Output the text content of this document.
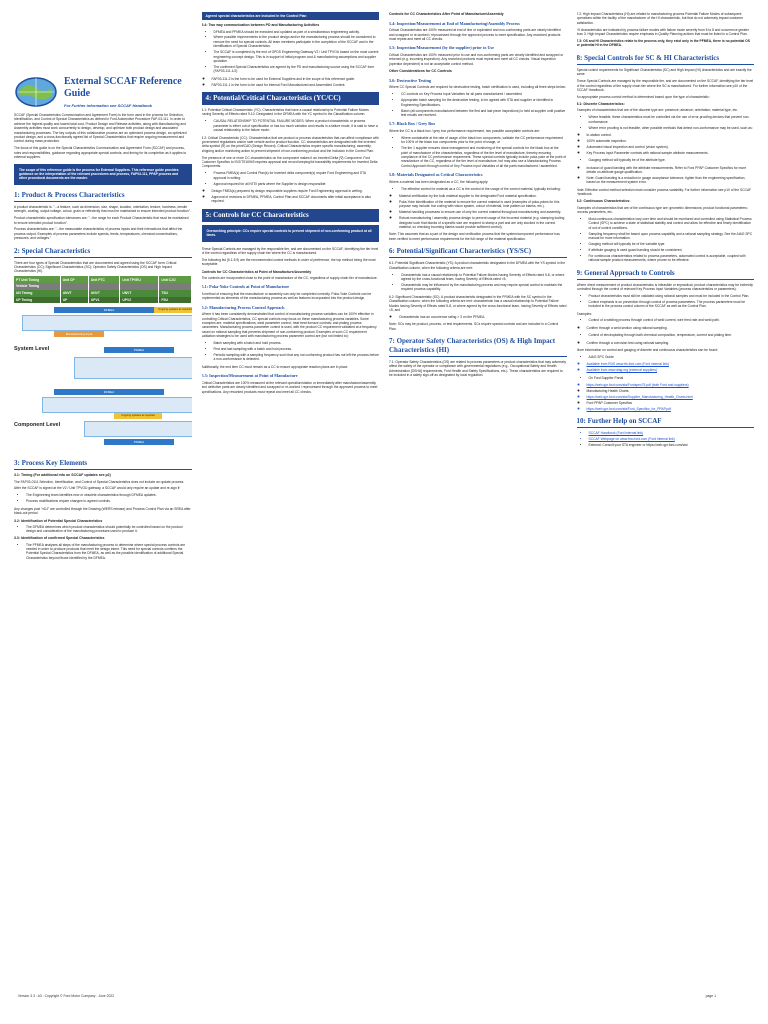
External SCCAF Reference Guide

For Further information see SCCAF Handbook

SCCAF (Special Characteristics Communication and Agreement Form) is the form used in the process for Selection, Identification, and Control of Special Characteristics as defined in Ford Automotive Procedure FAP-03-111. In order to achieve the highest quality and lowest total cost, Product Design and Release activities, along with Manufacturing and Assembly activities must work concurrently to design, develop, and optimize both product design and associated manufacturing processes. The key outputs of this collaborative process are an optimized process design, an optimized product design, and a cross-functionally agreed list of Special Characteristics that require ongoing measurement and control during mass production.

The focus of this guide is on the Special Characteristics Communication and Agreement Form (SCCAF) and process, roles and responsibilities, guidance regarding appropriate special controls, and timing for its completion as it applies to external suppliers.

The scope of this reference guide is the process for External Suppliers. This reference guide provides guidance on the interpretation of the relevant procedures and process, FAP03-111, PPAP process and other procedural documents are the master.
1: Product & Process Characteristics

A product characteristic is: "...a feature, such as dimension, size, shape, location, orientation, texture, hardness, tensile strength, coating, output voltage, colour, grain or reflectivity that must be maintained to ensure intended product function".

Product characteristic specification tolerances are: "...the range for each Product Characteristic that must be maintained to ensure intended product function".

Process characteristics are: "...the measurable characteristics of process inputs and their interactions that affect the process output. Examples of process parameters include speeds, feeds, temperatures, chemical concentrations, pressures, and voltages."

2: Special Characteristics

There are four types of Special Characteristics that are documented and agreed using the SCCAF form: Critical Characteristics (CC); Significant Characteristics (SC); Operator Safety Characteristics (OS) and High Impact Characteristics (HI).

PT Unit Timing	Unit CP	Unit PTC	Unit TPVEU	Unit CJ/J
Vehicle Timing				
UN Timing	UNVT	UNVT	UNVT	TSU
UP Timing	UP	UPV1	UPV2	FSU
DFMEA
Manufacturing Input
System Level	PFMEA
Ongoing updates as required
DFMEA
Ongoing updates as required
Component Level
PFMEA
3: Process Key Elements
3.1: Timing (For additional info on SCCAF updates see p2)

The FAP03-0111 Selection, Identification, and Control of Special Characteristics does not include an update process.

After the SCCAF is signed at the V2 / Unit TPVOU gateway, a SCCAF would only require an update and re-sign if:

• The Engineering team identifies new or obsolete characteristics through DFMEA updates.
• Process modifications require changes to agreed controls.

Any changes post "xDJ" are controlled through the Drawing (WERS release) and Process Control Plan via an SREA after black-out period.

3.2: Identification of Potential Special Characteristics
• The DFMEA determines which product characteristics should potentially be controlled based on the product design and consideration of the manufacturing processes used to produce it.
3.3: Identification of confirmed Special Characteristics
• The PFMEA analyses all steps of the manufacturing process to determine where special process controls are needed in order to produce products that meet the design intent. This need for special controls confirms the Potential Special Characteristics from the DFMEA, as well as the possible identification of additional Special Characteristics beyond those identified by the DFMEA.
Agreed special characteristics are included in the Control Plan
3.4: Two way communication between PD and Manufacturing Activities
• DFMEA and PFMEA should be executed and updated as part of a simultaneous engineering activity.
• Where possible improvements to the product design and/or the manufacturing process should be considered to remove the need for special controls. All team members participate in the completion of the SCCAF and in the identification of Special Characteristics.
• The SCCAF is completed by the end of GPDS Engineering Gateway V2 / Unit TPVOU based on the most current engineering concept design. This is in support of initial program cost & manufacturing assumptions and supplier quotation.
• The confirmed Special Characteristics are agreed by the PD and manufacturing source using the SCCAF form (FAP03-111-1/2)
◦ FAP03-111-2 is the form to be used for External Suppliers and in the scope of this reference guide.
◦ FAP03-111-1 is the form to be used for Internal Ford Manufactured and Assembled Content.
4: Potential/Critical Characteristics (YC/CC)

4.1: Potential Critical Characteristic (YC): Characteristics that have a causal relationship to Potential Failure Modes having Severity of Effects rated 9-10. Designated in the DFMEA with the YC symbol in the Classification column.

• CAUSAL RELATIONSHIP TO POTENTIAL FAILURE MODES: When a product characteristic or process parameter is either out of specification or has too much variation and results in a failure mode, it is said to have a causal relationship to the failure mode.

4.2: Critical Characteristic (CC): Characteristics that are product or process characteristics that can affect compliance with government regulations and/or safe vehicle and/or product function. CC characteristics are designated with the inverted delta symbol (∇) on the print/CAD (Design Record). Critical Characteristics require specific manufacturing, assembly, shipping and/or monitoring action to prevent shipment of non-conforming product and the inclusion in the Control Plan.

The presence of one or more CC characteristics on the component makes it an Inverted Delta (∇) Component. Ford Customer Specifics to ISO/TS16949 requires approval and record keeping/lot traceability requirements for Inverted Delta Components.

• Process FMEA(s) and Control Plan(s) for inverted delta component(s) require Ford Engineering and STA approval in writing.
• Approval required for all NTEI parts where the Supplier is design responsible:
◦ Design FMEA(s) prepared by design responsible suppliers require Ford Engineering approval in writing.
◦ Approval of revisions to DFMEA, PFMEA, Control Plan and SCCAF documents after initial acceptance is also required.
5: Controls for CC Characteristics
Overarching principle: CCs require special controls to prevent shipment of non-conforming product at all times.

These Special Controls are managed by the responsible tier, and are documented on the SCCAF, identifying the tier level of the control regardless of the supply chain tier where the CC is manufactured.

The following list (5.1-5.9) are the recommended control methods in order of preference, the top method being the most acceptable.

Controls for CC Characteristics at Point of Manufacture/Assembly

The controls are incorporated close to the point of manufacture of the CC, regardless of supply chain tier of manufacture.

5.1: Poka-Yoke Controls at Point of Manufacture

A method of ensuring that the manufacture or assembly can only be completed correctly. Poka-Yoke Controls can be implemented as elements of the manufacturing process as well as features incorporated into the product design.

5.2: Manufacturing Process Control Approach

Where it has been consistently demonstrated that control of manufacturing process variables can be 100% effective in controlling Critical Characteristics, CC special controls may focus on these manufacturing process variables. Some examples are: material specifications; weld parameter control; heat treat furnace controls; and plating process parameters. Manufacturing process parameter control is used, with the product CC requirement validated at a frequency based on rational sampling that prevents shipment of non-conforming product. Examples of such CC requirement validation strategies to be used with manufacturing process parameter control are (but not limited to):

• Batch sampling with a batch and hold process.
• First and last sampling with a batch and hold process.
• Periodic sampling with a sampling frequency such that any not conforming product has not left the process before a non-conformance is detected.

Additionally, the end item CC must remain as a CC to ensure appropriate reaction plans are in place.

5.3: Inspection/Measurement at Point of Manufacture

Critical Characteristics are 100% measured at the relevant operation/station or immediately after manufacture/assembly and defective parts are clearly identified and scrapped or re-worked / reprocessed through the approved process to meet specifications. Any reworked products must repeat and meet all CC checks.

Controls for CC Characteristics After Point of Manufacture/Assembly
5.4: Inspection/Measurement at End of Manufacturing/Assembly Process

Critical Characteristics are 100% measured at end of line or equivalent and non-conforming parts are clearly identified and scrapped or re-worked / reprocessed through the approved process to meet specification. Any reworked products must repeat and meet all CC checks.

5.5: Inspection/Measurement (by the supplier) prior to Use

Critical Characteristics are 100% measured prior to use and non-conforming parts are clearly identified and scrapped or returned (e.g. incoming inspection). Any reworked products must repeat and meet all CC checks. Visual inspection (operator dependent) is not an acceptable control method.

Other Considerations for CC Controls
5.6: Destructive Testing

Where CC Special Controls are required for destructive testing, batch certification is used, including all three steps below:

• CC controls on Key Process Input Variables for all parts manufactured / assembled
• Appropriate batch sampling for the destructive testing, to be agreed with STA and supplier or identified in Engineering Specifications.
• Batch (all components manufactured between the first and last piece inspections) is held at supplier until positive test results are received.
5.7: Black Box / Grey Box

Where the CC is a black box / grey box performance requirement, two possible acceptable controls are:

• Where containable at the rate of usage of the black box components, validate the CC performance requirement for 100% of the black box components prior to the point of usage, or
• The tier 1 supplier ensures close management and monitoring of the special controls for the black box at the point of manufacture of the characteristics, regardless of the tier level of manufacture, thereby ensuring compliance of the CC performance requirement. These special controls typically include poka-yoke at the point of manufacture of the CC, regardless of the tier level of manufacture, but may also use a Manufacturing Process Control Approach through control of Key Process Input Variables of all the parts manufactured / assembled.
5.8: Materials Designated as Critical Characteristics

Where a material has been designated as a CC, the following apply:

• The effective control for material as a CC is the control of the usage of the correct material, typically including:
◦ Material certification by the bulk material supplier to the designated Ford material specification.
◦ Poka-Yoke identification of the material to ensure the correct material is used (examples of poka-yokes for this purpose may include: bar coding with vision system, colour of material, hole pattern on blanks, etc.).
◦ Material handling processes to ensure use of only the correct material throughout manufacturing and assembly.
◦ Robust manufacturing / assembly process design to prevent usage of the incorrect material (e.g. stamping tooling designed such that blanks of a specific size are required to stamp a part and are only stocked in the correct material, so checking incoming blanks would provide sufficient control).

Note: This assumes that as a part of the design and verification process that the system/component performance has been verified to meet performance requirements for the full range of the material specification.

6: Potential/Significant Characteristics (YS/SC)

6.1: Potential Significant Characteristic (YS): A product characteristic designated in the DFMEA with the YS symbol in the Classification column, when the following criteria are met:

• Characteristic has a causal relationship to Potential Failure Modes having Severity of Effects rated 5-8, or where agreed by the cross-functional team, having Severity of Effects rated <5.
• Characteristic may be influenced by the manufacturing process and may require special control to maintain the required process capability.

6.2: Significant Characteristic (SC): A product characteristic designated in the PFMEA with the SC symbol in the Classification column, when the following criteria are met: characteristic has a causal relationship to Potential Failure Modes having Severity of Effects rated 5-8, or where agreed by the cross-functional team, having Severity of Effects rated <5, and

◦ Characteristic has an occurrence rating > 3 on the PFMEA.

Note: SCs may be product, process, or test requirements. SCs require special controls and are included in a Control Plan.

7: Operator Safety Characteristics (OS) & High Impact Characteristics (HI)

7.1: Operator Safety Characteristics (OS) are related to process parameters or product characteristics that may adversely affect the safety of the operator or compliance with governmental regulations (e.g., Occupational Safety and Health Administration [OSHA] requirements, Ford Health and Safety Specifications, etc.). These characteristics are required to be included in a safety sign-off as designated by local regulation.

7.2: High Impact Characteristics (HI) are related to manufacturing process Potential Failure Modes of subsequent operations within the facility of the manufacturer of the HI characteristic, but that do not adversely impact customer satisfaction.

HI characteristics are indicated by process failure modes with failure mode severity from 5 to 8 and occurrence greater than 3. High Impact Characteristics require emphasis in Quality Planning actions that must be listed in a Control Plan.

7.3: OS and HI Characteristics relate to the process only, they exist only in the PFMEA, there is no potential OS or potential HI in the DFMEA.

8: Special Controls for SC & HI Characteristics

Special control requirements for Significant Characteristics (SC) and High Impact (HI) characteristics and are exactly the same.

These Special Controls are managed by the responsible tier, and are documented on the SCCAF, identifying the tier level of the control regardless of the supply chain tier where the SC is manufactured. For further information see p10 of the SCCAF Handbook.

An appropriate process control method is determined based upon the type of characteristic:

8.1: Discrete Characteristics:

Examples of characteristics that are of the discrete type are: presence; absence; orientation; material type, etc.

• Where feasible, these characteristics must be controlled via the use of error-proofing devices that prevent non-conformance.
• Where error proofing is not feasible, other possible methods that detect non-conformance may be used, such as:
◦ In-station control.
◦ 100% automatic inspection.
◦ Automated visual inspection and control (vision system).
◦ Key Process Input Parameter controls with rational sample attribute measurements.
• Gauging method will typically be of the attribute type.
◦ Inclusion of guard banding with the attribute measurements. Refer to Ford PPAP Customer Specifics for more details on attribute gauge qualification.
◦ Note: Guard banding is a reduction in gauge acceptance tolerance, tighter than the engineering specification, based on the measurement system error.

Note: Effective control method selection must consider process variability. For further information see p10 of the SCCAF Handbook.

8.2: Continuous Characteristics:

Examples of characteristics that are of the continuous type are: geometric dimensions; product functional parameters; process parameters, etc.

• Most continuous characteristics vary over time and should be monitored and controlled using Statistical Process Control (SPC) to achieve a state of statistical stability and control and allow for effective and timely identification of out of control conditions.
• Sampling frequency shall be based upon process capability and a rational sampling strategy. See the AIAG SPC manual for more information.
• Gauging method will typically be of the variable type.
• If attribute gauging is used guard banding should be considered.
• For continuous characteristics related to process parameters, automated control is acceptable, coupled with rational sample product measurements, where proven to be effective.
9: General Approach to Controls

Where direct measurement of product characteristics is infeasible or impractical, product characteristics may be indirectly controlled through the control of relevant Key Process Input Variables (process characteristics or parameters).

• Product characteristics must still be validated using rational samples and must be included in the Control Plan.
• Control emphasis is on prevention through control of process parameters. The process parameters must be included in the process control column of the SCCAF as well as the Control Plan.

Examples:

• Control of a welding process through control of weld current, wire feed rate and weld path.
◦ Confirm through a weld section using rational sampling.
• Control of electroplating through bath chemical composition, temperature, current and plating time.
◦ Confirm through a corrosion test using rational sampling.

More information on control and gauging of discrete and continuous characteristics can be found:

• AIAG SPC Guide
◦ Available from RUS www.rfs.ford.com (Ford internal link)
◦ Available from www.aiag.org (external suppliers)
• On Ford Supplier Portal
◦ https://web.qpr.ford.com/sta/Fordspec75.pdf (both Ford and suppliers)
◦ Manufacturing Health Charts
◦ https://web.qpr.ford.com/sta/Supplier_Manufacturing_Health_Charts.html
◦ Ford PPAP Customer Specifics
◦ https://web.qpr.ford.com/sta/Ford_Specifics_for_PPAP.pdf
10: Further Help on SCCAF
• SCCAF Handbook (Ford internal link)
• SCCAF Webpage on www.fmo.ford.com (Ford internal link)
• External: Consult your STA engineer or https://web.qpr.ford.com/sta/
Version 3.3 : A3 : Copyright © Ford Motor Company : June 2022	page 1
